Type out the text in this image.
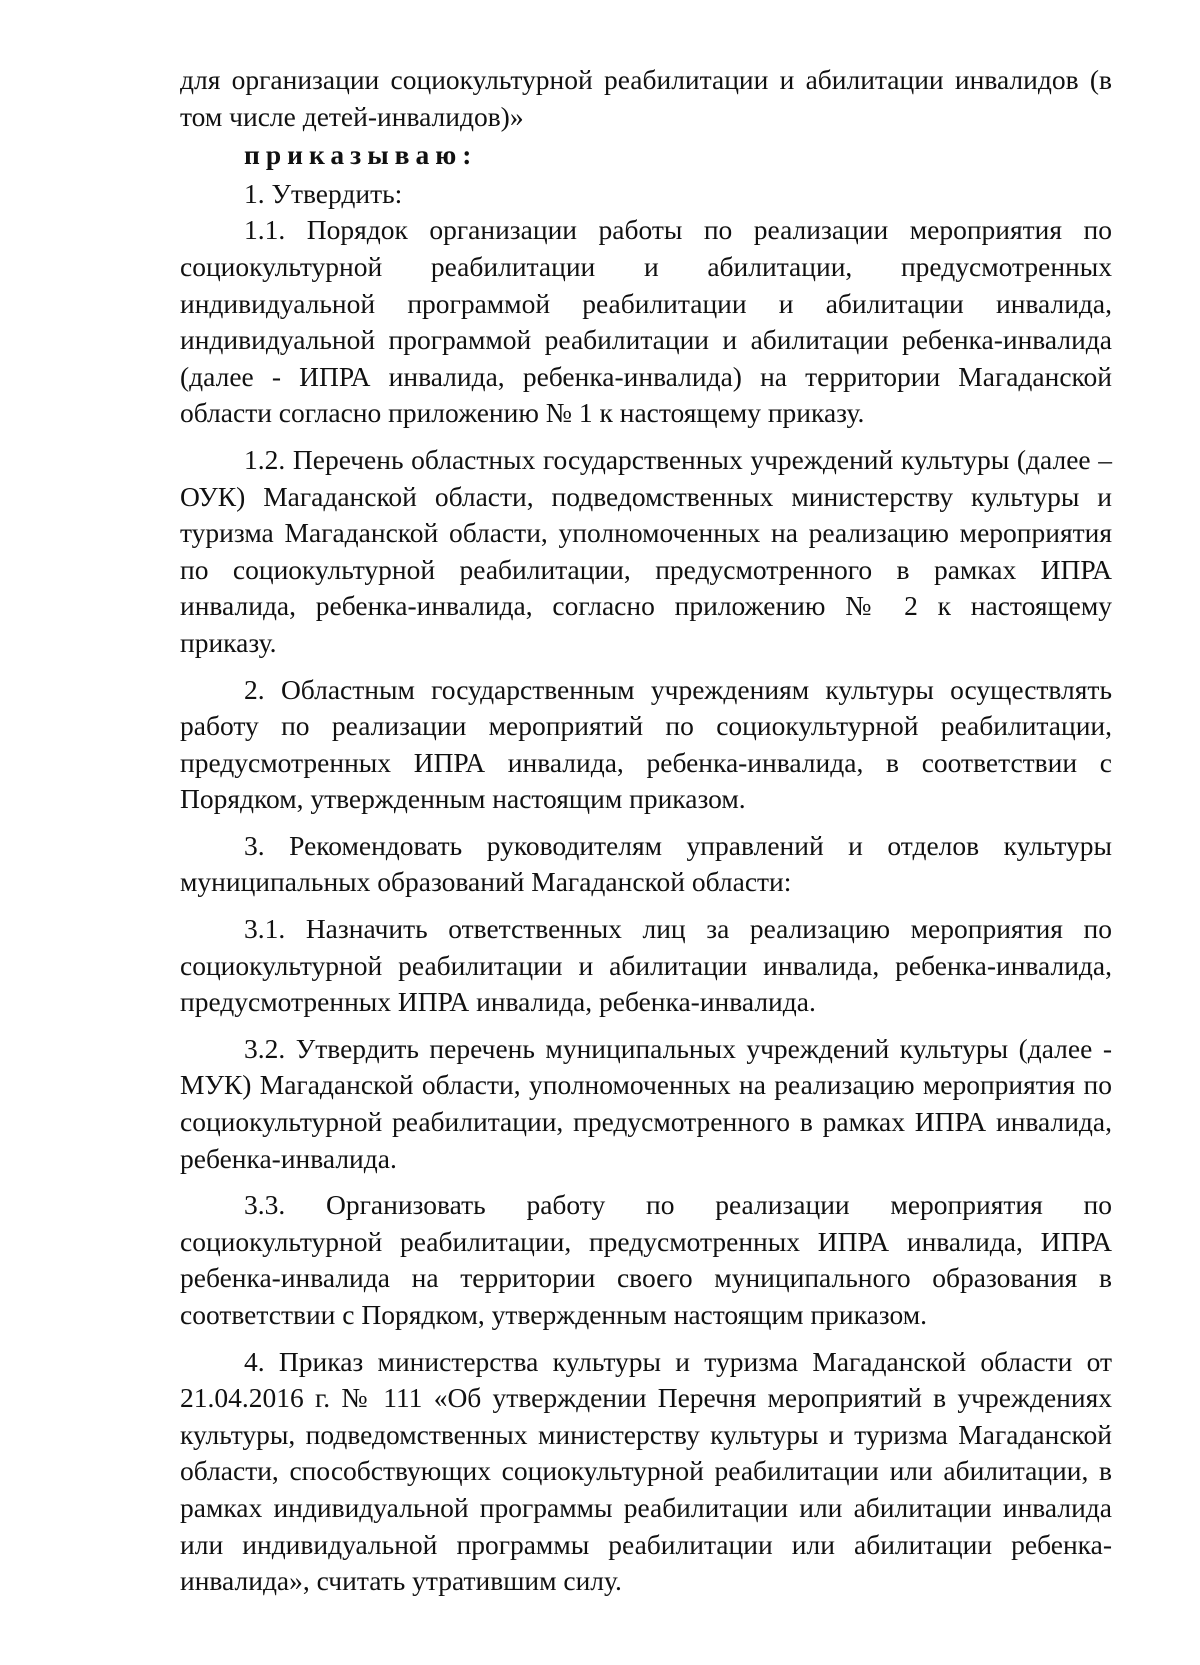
для организации социокультурной реабилитации и абилитации инвалидов (в том числе детей-инвалидов)»

приказываю:

1. Утвердить:

1.1. Порядок организации работы по реализации мероприятия по социокультурной реабилитации и абилитации, предусмотренных индивидуальной программой реабилитации и абилитации инвалида, индивидуальной программой реабилитации и абилитации ребенка-инвалида (далее - ИПРА инвалида, ребенка-инвалида) на территории Магаданской области согласно приложению № 1 к настоящему приказу.

1.2. Перечень областных государственных учреждений культуры (далее – ОУК) Магаданской области, подведомственных министерству культуры и туризма Магаданской области, уполномоченных на реализацию мероприятия по социокультурной реабилитации, предусмотренного в рамках ИПРА инвалида, ребенка-инвалида, согласно приложению № 2 к настоящему приказу.

2. Областным государственным учреждениям культуры осуществлять работу по реализации мероприятий по социокультурной реабилитации, предусмотренных ИПРА инвалида, ребенка-инвалида, в соответствии с Порядком, утвержденным настоящим приказом.

3. Рекомендовать руководителям управлений и отделов культуры муниципальных образований Магаданской области:

3.1. Назначить ответственных лиц за реализацию мероприятия по социокультурной реабилитации и абилитации инвалида, ребенка-инвалида, предусмотренных ИПРА инвалида, ребенка-инвалида.

3.2. Утвердить перечень муниципальных учреждений культуры (далее - МУК) Магаданской области, уполномоченных на реализацию мероприятия по социокультурной реабилитации, предусмотренного в рамках ИПРА инвалида, ребенка-инвалида.

3.3. Организовать работу по реализации мероприятия по социокультурной реабилитации, предусмотренных ИПРА инвалида, ИПРА ребенка-инвалида на территории своего муниципального образования в соответствии с Порядком, утвержденным настоящим приказом.

4. Приказ министерства культуры и туризма Магаданской области от 21.04.2016 г. № 111 «Об утверждении Перечня мероприятий в учреждениях культуры, подведомственных министерству культуры и туризма Магаданской области, способствующих социокультурной реабилитации или абилитации, в рамках индивидуальной программы реабилитации или абилитации инвалида или индивидуальной программы реабилитации или абилитации ребенка-инвалида», считать утратившим силу.
